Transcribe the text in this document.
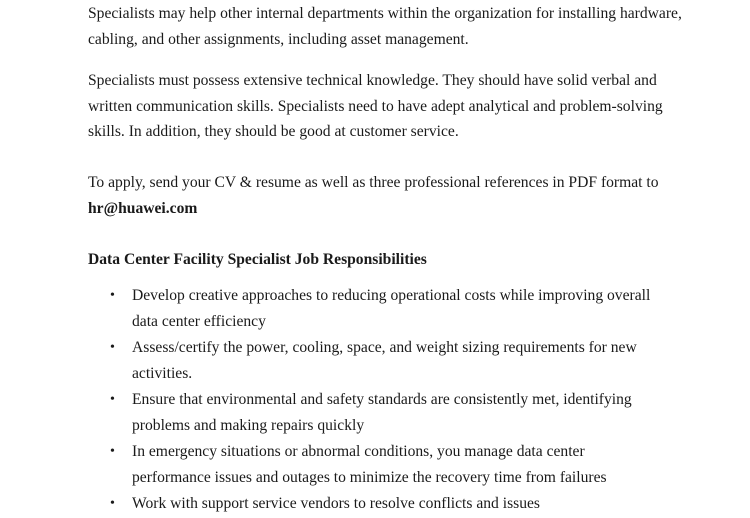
Specialists may help other internal departments within the organization for installing hardware, cabling, and other assignments, including asset management.

Specialists must possess extensive technical knowledge. They should have solid verbal and written communication skills. Specialists need to have adept analytical and problem-solving skills. In addition, they should be good at customer service.

To apply, send your CV & resume as well as three professional references in PDF format to
hr@huawei.com

Data Center Facility Specialist Job Responsibilities
• Develop creative approaches to reducing operational costs while improving overall data center efficiency
• Assess/certify the power, cooling, space, and weight sizing requirements for new activities.
• Ensure that environmental and safety standards are consistently met, identifying problems and making repairs quickly
• In emergency situations or abnormal conditions, you manage data center performance issues and outages to minimize the recovery time from failures
• Work with support service vendors to resolve conflicts and issues
